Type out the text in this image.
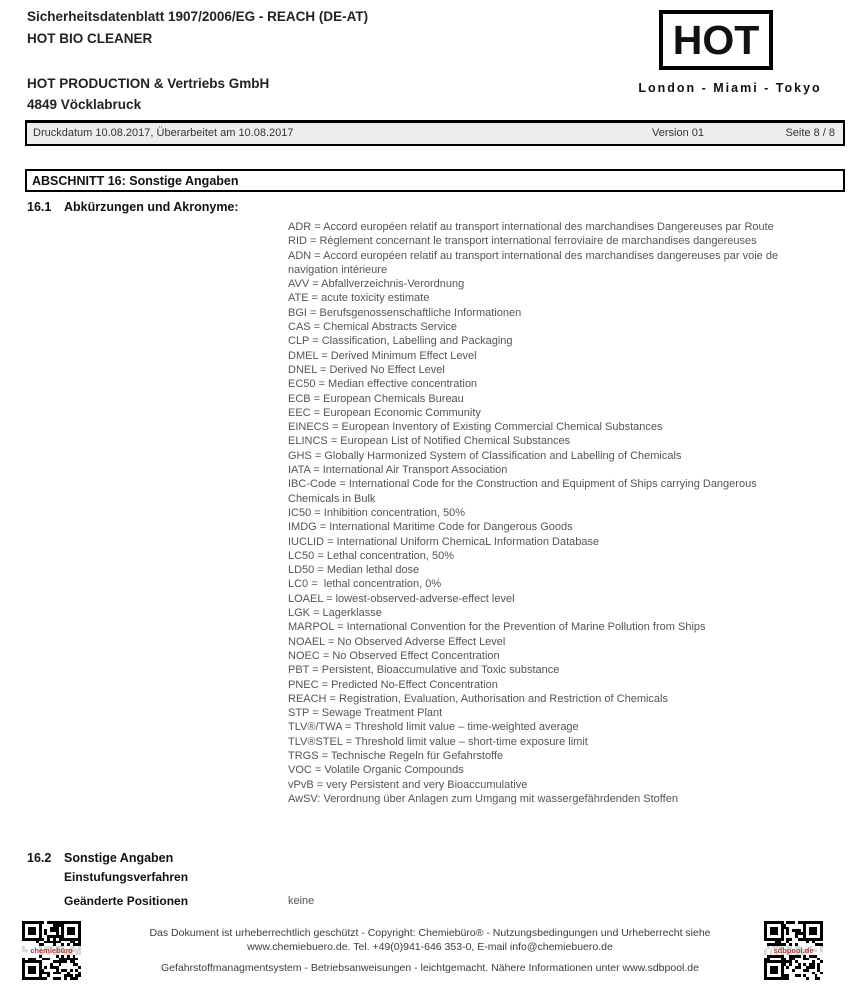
Sicherheitsdatenblatt 1907/2006/EG - REACH (DE-AT)
HOT BIO CLEANER
HOT PRODUCTION & Vertriebs GmbH
4849 Vöcklabruck
HOT
London - Miami - Tokyo
Druckdatum 10.08.2017, Überarbeitet am 10.08.2017	Version 01	Seite 8 / 8
ABSCHNITT 16: Sonstige Angaben
16.1 Abkürzungen und Akronyme:
ADR = Accord européen relatif au transport international des marchandises Dangereuses par Route
RID = Règlement concernant le transport international ferroviaire de marchandises dangereuses
ADN = Accord européen relatif au transport international des marchandises dangereuses par voie de navigation intérieure
AVV = Abfallverzeichnis-Verordnung
ATE = acute toxicity estimate
BGI = Berufsgenossenschaftliche Informationen
CAS = Chemical Abstracts Service
CLP = Classification, Labelling and Packaging
DMEL = Derived Minimum Effect Level
DNEL = Derived No Effect Level
EC50 = Median effective concentration
ECB = European Chemicals Bureau
EEC = European Economic Community
EINECS = European Inventory of Existing Commercial Chemical Substances
ELINCS = European List of Notified Chemical Substances
GHS = Globally Harmonized System of Classification and Labelling of Chemicals
IATA = International Air Transport Association
IBC-Code = International Code for the Construction and Equipment of Ships carrying Dangerous Chemicals in Bulk
IC50 = Inhibition concentration, 50%
IMDG = International Maritime Code for Dangerous Goods
IUCLID = International Uniform ChemicaL Information Database
LC50 = Lethal concentration, 50%
LD50 = Median lethal dose
LC0 =  lethal concentration, 0%
LOAEL = lowest-observed-adverse-effect level
LGK = Lagerklasse
MARPOL = International Convention for the Prevention of Marine Pollution from Ships
NOAEL = No Observed Adverse Effect Level
NOEC = No Observed Effect Concentration
PBT = Persistent, Bioaccumulative and Toxic substance
PNEC = Predicted No-Effect Concentration
REACH = Registration, Evaluation, Authorisation and Restriction of Chemicals
STP = Sewage Treatment Plant
TLV®/TWA = Threshold limit value – time-weighted average
TLV®STEL = Threshold limit value – short-time exposure limit
TRGS = Technische Regeln für Gefahrstoffe
VOC = Volatile Organic Compounds
vPvB = very Persistent and very Bioaccumulative
AwSV: Verordnung über Anlagen zum Umgang mit wassergefährdenden Stoffen
16.2 Sonstige Angaben
Einstufungsverfahren
Geänderte Positionen	keine
Das Dokument ist urheberrechtlich geschützt - Copyright: Chemiebüro® - Nutzungsbedingungen und Urheberrecht siehe
www.chemiebuero.de. Tel. +49(0)941-646 353-0, E-mail info@chemiebuero.de
Gefahrstoffmanagmentsystem - Betriebsanweisungen - leichtgemacht. Nähere Informationen unter www.sdbpool.de
chemiebüro	sdbpool.de
